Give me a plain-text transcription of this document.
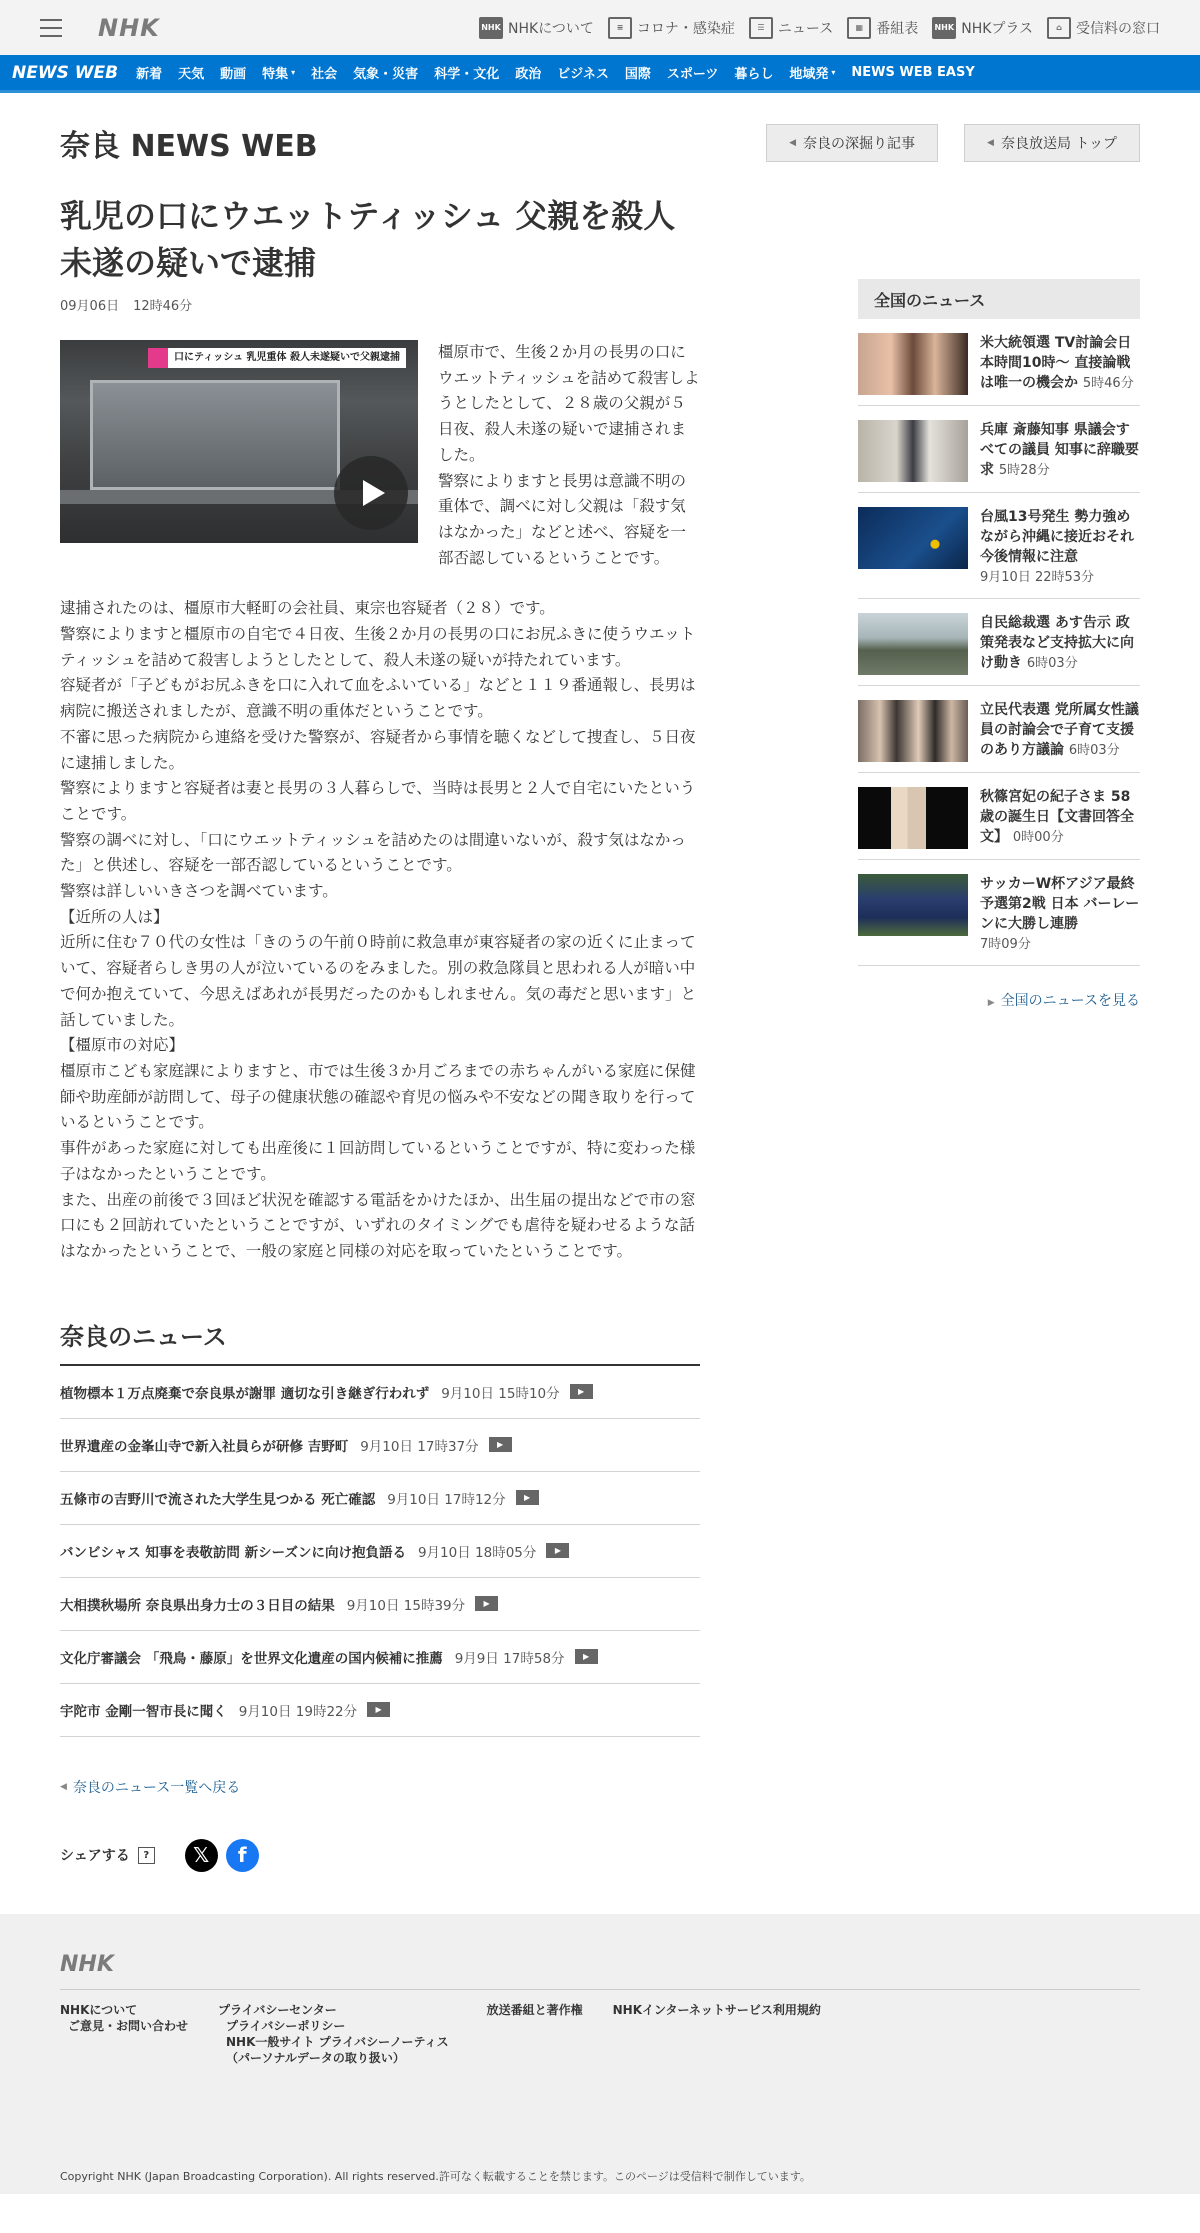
NHK	NHK NHKについて	≡ コロナ・感染症	☰ ニュース	▦ 番組表 NHK NHKプラス	⌂	受信料の窓口
NEWS WEB	新着	天気	動画	特集 ▾	社会	気象・災害	科学・文化	政治	ビジネス	国際	スポーツ	暮らし	地域発 ▾	NEWS WEB EASY
奈良 NEWS WEB	◀ 奈良の深掘り記事	◀ 奈良放送局 トップ
乳児の口にウエットティッシュ 父親を殺人未遂の疑いで逮捕
09月06日 12時46分
口にティッシュ 乳児重体 殺人未遂疑いで父親逮捕	橿原市で、生後２か月の長男の口にウエットティッシュを詰めて殺害しようとしたとして、２８歳の父親が５日夜、殺人未遂の疑いで逮捕されました。
警察によりますと長男は意識不明の重体で、調べに対し父親は「殺す気はなかった」などと述べ、容疑を一部否認しているということです。

逮捕されたのは、橿原市大軽町の会社員、東宗也容疑者（２８）です。

警察によりますと橿原市の自宅で４日夜、生後２か月の長男の口にお尻ふきに使うウエットティッシュを詰めて殺害しようとしたとして、殺人未遂の疑いが持たれています。

容疑者が「子どもがお尻ふきを口に入れて血をふいている」などと１１９番通報し、長男は病院に搬送されましたが、意識不明の重体だということです。

不審に思った病院から連絡を受けた警察が、容疑者から事情を聴くなどして捜査し、５日夜に逮捕しました。

警察によりますと容疑者は妻と長男の３人暮らしで、当時は長男と２人で自宅にいたということです。

警察の調べに対し、「口にウエットティッシュを詰めたのは間違いないが、殺す気はなかった」と供述し、容疑を一部否認しているということです。

警察は詳しいいきさつを調べています。

【近所の人は】

近所に住む７０代の女性は「きのうの午前０時前に救急車が東容疑者の家の近くに止まっていて、容疑者らしき男の人が泣いているのをみました。別の救急隊員と思われる人が暗い中で何か抱えていて、今思えばあれが長男だったのかもしれません。気の毒だと思います」と話していました。

【橿原市の対応】

橿原市こども家庭課によりますと、市では生後３か月ごろまでの赤ちゃんがいる家庭に保健師や助産師が訪問して、母子の健康状態の確認や育児の悩みや不安などの聞き取りを行っているということです。

事件があった家庭に対しても出産後に１回訪問しているということですが、特に変わった様子はなかったということです。

また、出産の前後で３回ほど状況を確認する電話をかけたほか、出生届の提出などで市の窓口にも２回訪れていたということですが、いずれのタイミングでも虐待を疑わせるような話はなかったということで、一般の家庭と同様の対応を取っていたということです。

奈良のニュース
植物標本１万点廃棄で奈良県が謝罪 適切な引き継ぎ行われず 9月10日 15時10分	▶
世界遺産の金峯山寺で新入社員らが研修 吉野町 9月10日 17時37分	▶
五條市の吉野川で流された大学生見つかる 死亡確認 9月10日 17時12分	▶
バンビシャス 知事を表敬訪問 新シーズンに向け抱負語る 9月10日 18時05分	▶
大相撲秋場所 奈良県出身力士の３日目の結果 9月10日 15時39分	▶
文化庁審議会 「飛鳥・藤原」を世界文化遺産の国内候補に推薦 9月9日 17時58分	▶
宇陀市 金剛一智市長に聞く 9月10日 19時22分	▶
◀ 奈良のニュース一覧へ戻る
シェアする	?	𝕏	f
全国のニュース
米大統領選 TV討論会日本時間10時〜 直接論戦は唯一の機会か 5時46分
兵庫 斎藤知事 県議会すべての議員 知事に辞職要求 5時28分
台風13号発生 勢力強めながら沖縄に接近おそれ今後情報に注意
9月10日 22時53分
自民総裁選 あす告示 政策発表など支持拡大に向け動き 6時03分
立民代表選 党所属女性議員の討論会で子育て支援のあり方議論 6時03分
秋篠宮妃の紀子さま 58歳の誕生日【文書回答全文】 0時00分
サッカーW杯アジア最終予選第2戦 日本 バーレーンに大勝し連勝
7時09分
▶ 全国のニュースを見る
NHK
NHKについて
ご意見・お問い合わせ
プライバシーセンター
プライバシーポリシー
NHK一般サイト プライバシーノーティス
（パーソナルデータの取り扱い）
放送番組と著作権	NHKインターネットサービス利用規約
Copyright NHK (Japan Broadcasting Corporation). All rights reserved.許可なく転載することを禁じます。このページは受信料で制作しています。
